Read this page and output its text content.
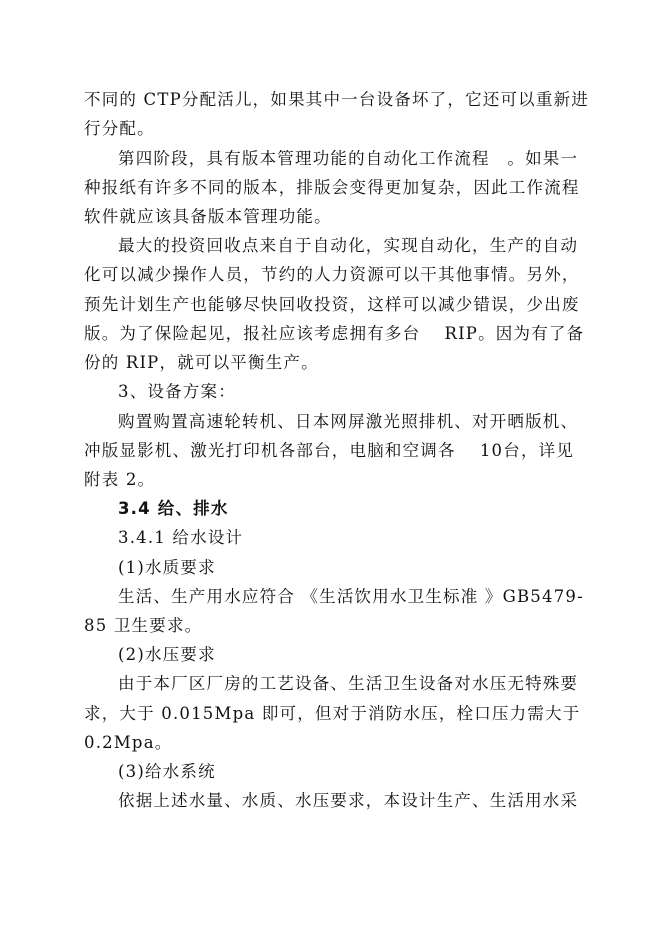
不同的 CTP分配活儿，如果其中一台设备坏了，它还可以重新进
行分配。
第四阶段，具有版本管理功能的自动化工作流程　。如果一
种报纸有许多不同的版本，排版会变得更加复杂，因此工作流程
软件就应该具备版本管理功能。
最大的投资回收点来自于自动化，实现自动化，生产的自动
化可以减少操作人员，节约的人力资源可以干其他事情。另外，
预先计划生产也能够尽快回收投资，这样可以减少错误，少出废
版。为了保险起见，报社应该考虑拥有多台　 RIP。因为有了备
份的 RIP，就可以平衡生产。
3、设备方案：
购置购置高速轮转机、日本网屏激光照排机、对开晒版机、
冲版显影机、激光打印机各部台，电脑和空调各　 10台，详见
附表 2。
3.4 给、排水
3.4.1 给水设计
(1)水质要求
生活、生产用水应符合 《生活饮用水卫生标准 》GB5479-
85 卫生要求。
(2)水压要求
由于本厂区厂房的工艺设备、生活卫生设备对水压无特殊要
求，大于 0.015Mpa 即可，但对于消防水压，栓口压力需大于
0.2Mpa。
(3)给水系统
依据上述水量、水质、水压要求，本设计生产、生活用水采
